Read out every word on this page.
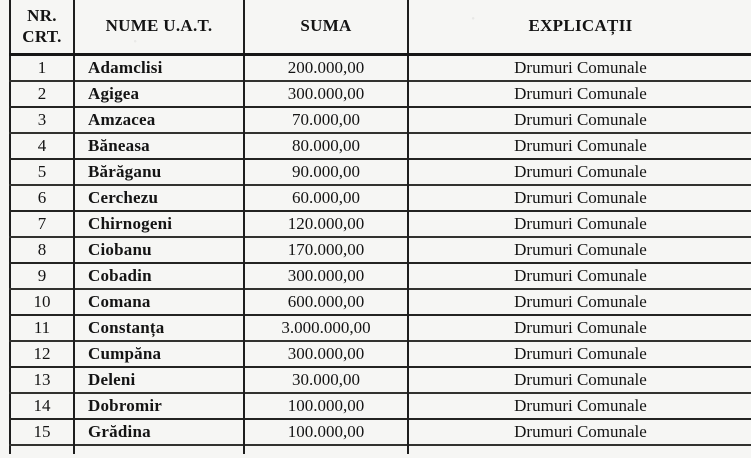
NR.
CRT.	NUME U.A.T.	SUMA	EXPLICAȚII
1	Adamclisi	200.000,00	Drumuri Comunale
2	Agigea	300.000,00	Drumuri Comunale
3	Amzacea	70.000,00	Drumuri Comunale
4	Băneasa	80.000,00	Drumuri Comunale
5	Bărăganu	90.000,00	Drumuri Comunale
6	Cerchezu	60.000,00	Drumuri Comunale
7	Chirnogeni	120.000,00	Drumuri Comunale
8	Ciobanu	170.000,00	Drumuri Comunale
9	Cobadin	300.000,00	Drumuri Comunale
10	Comana	600.000,00	Drumuri Comunale
11	Constanța	3.000.000,00	Drumuri Comunale
12	Cumpăna	300.000,00	Drumuri Comunale
13	Deleni	30.000,00	Drumuri Comunale
14	Dobromir	100.000,00	Drumuri Comunale
15	Grădina	100.000,00	Drumuri Comunale
